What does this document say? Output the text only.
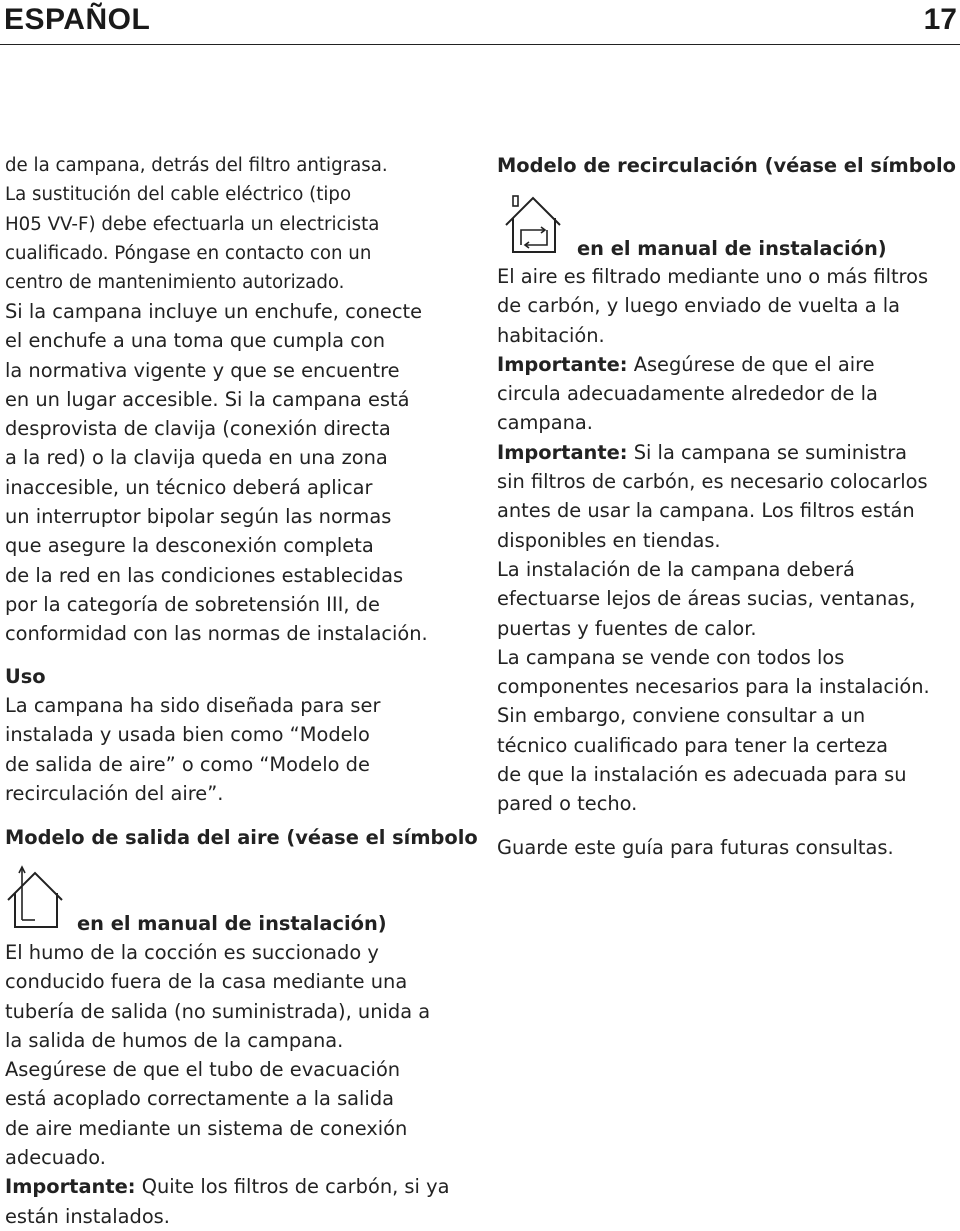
ESPAÑOL	17
de la campana, detrás del filtro antigrasa.
La sustitución del cable eléctrico (tipo
H05 VV-F) debe efectuarla un electricista
cualificado. Póngase en contacto con un
centro de mantenimiento autorizado.
Si la campana incluye un enchufe, conecte
el enchufe a una toma que cumpla con
la normativa vigente y que se encuentre
en un lugar accesible. Si la campana está
desprovista de clavija (conexión directa
a la red) o la clavija queda en una zona
inaccesible, un técnico deberá aplicar
un interruptor bipolar según las normas
que asegure la desconexión completa
de la red en las condiciones establecidas
por la categoría de sobretensión III, de
conformidad con las normas de instalación.
Uso
La campana ha sido diseñada para ser
instalada y usada bien como “Modelo
de salida de aire” o como “Modelo de
recirculación del aire”.
Modelo de salida del aire (véase el símbolo
en el manual de instalación)
El humo de la cocción es succionado y
conducido fuera de la casa mediante una
tubería de salida (no suministrada), unida a
la salida de humos de la campana.
Asegúrese de que el tubo de evacuación
está acoplado correctamente a la salida
de aire mediante un sistema de conexión
adecuado.
Importante: Quite los filtros de carbón, si ya
están instalados.
Modelo de recirculación (véase el símbolo
en el manual de instalación)
El aire es filtrado mediante uno o más filtros
de carbón, y luego enviado de vuelta a la
habitación.
Importante: Asegúrese de que el aire
circula adecuadamente alrededor de la
campana.
Importante: Si la campana se suministra
sin filtros de carbón, es necesario colocarlos
antes de usar la campana. Los filtros están
disponibles en tiendas.
La instalación de la campana deberá
efectuarse lejos de áreas sucias, ventanas,
puertas y fuentes de calor.
La campana se vende con todos los
componentes necesarios para la instalación.
Sin embargo, conviene consultar a un
técnico cualificado para tener la certeza
de que la instalación es adecuada para su
pared o techo.
Guarde este guía para futuras consultas.
